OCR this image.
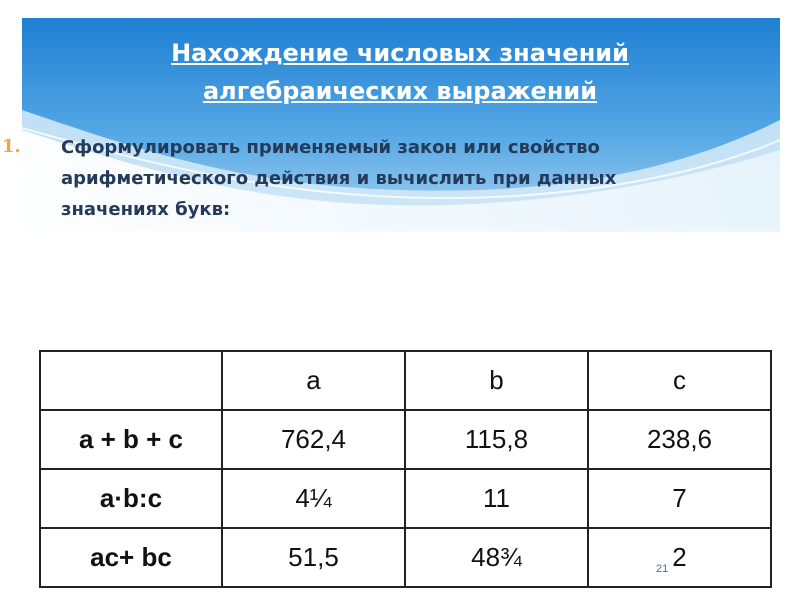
Нахождение числовых значений
алгебраических выражений
1. Сформулировать применяемый закон или свойство
арифметического действия и вычислить при данных
значениях букв:
	a	b	c
a + b + c	762,4	115,8	238,6
a·b:c	4¼	11	7
ac+ bc	51,5	48¾	2
21
